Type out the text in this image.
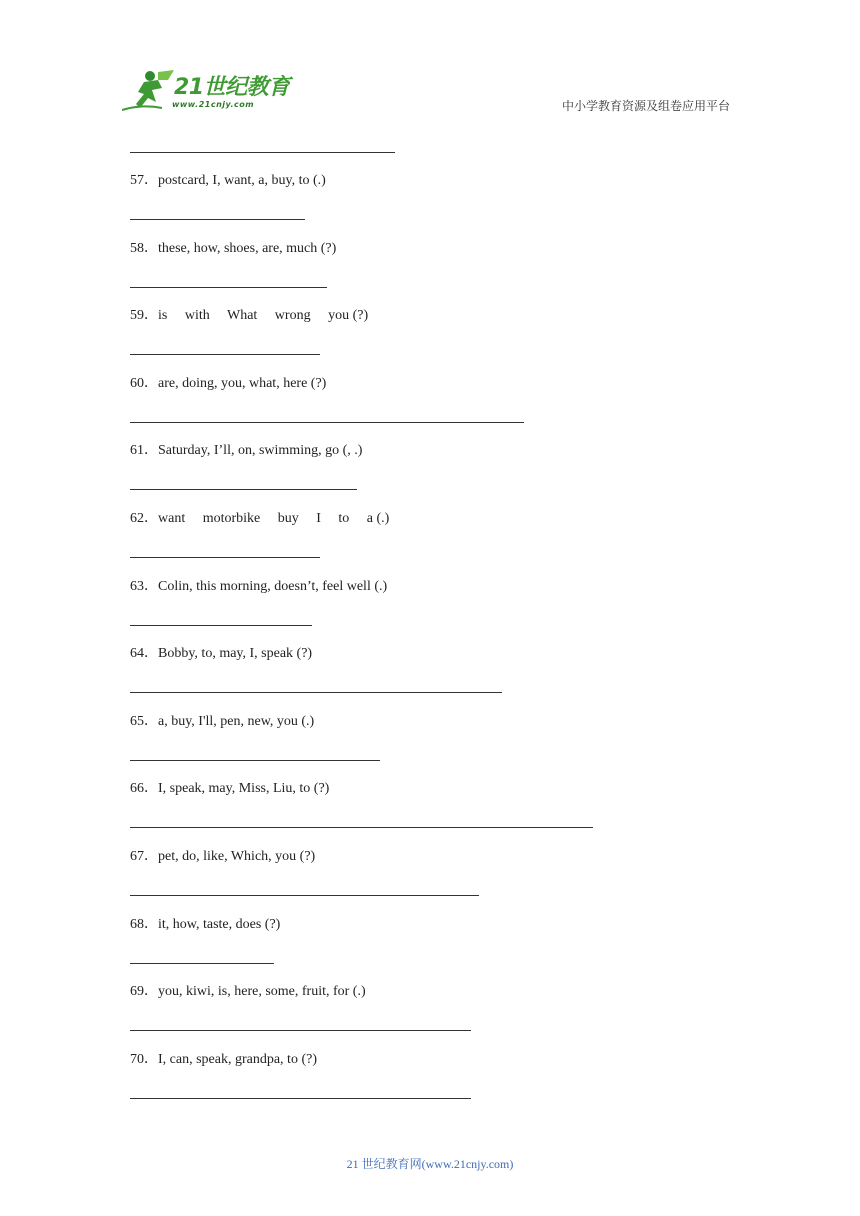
21世纪教育
www.21cnjy.com	中小学教育资源及组卷应用平台
57．postcard, I, want, a, buy, to (.)
58．these, how, shoes, are, much (?)
59．is     with     What     wrong     you (?)
60．are, doing, you, what, here (?)
61．Saturday, I’ll, on, swimming, go (, .)
62．want     motorbike     buy     I     to     a (.)
63．Colin, this morning, doesn’t, feel well (.)
64．Bobby, to, may, I, speak (?)
65．a, buy, I'll, pen, new, you (.)
66．I, speak, may, Miss, Liu, to (?)
67．pet, do, like, Which, you (?)
68．it, how, taste, does (?)
69．you, kiwi, is, here, some, fruit, for (.)
70．I, can, speak, grandpa, to (?)
21 世纪教育网(www.21cnjy.com)
